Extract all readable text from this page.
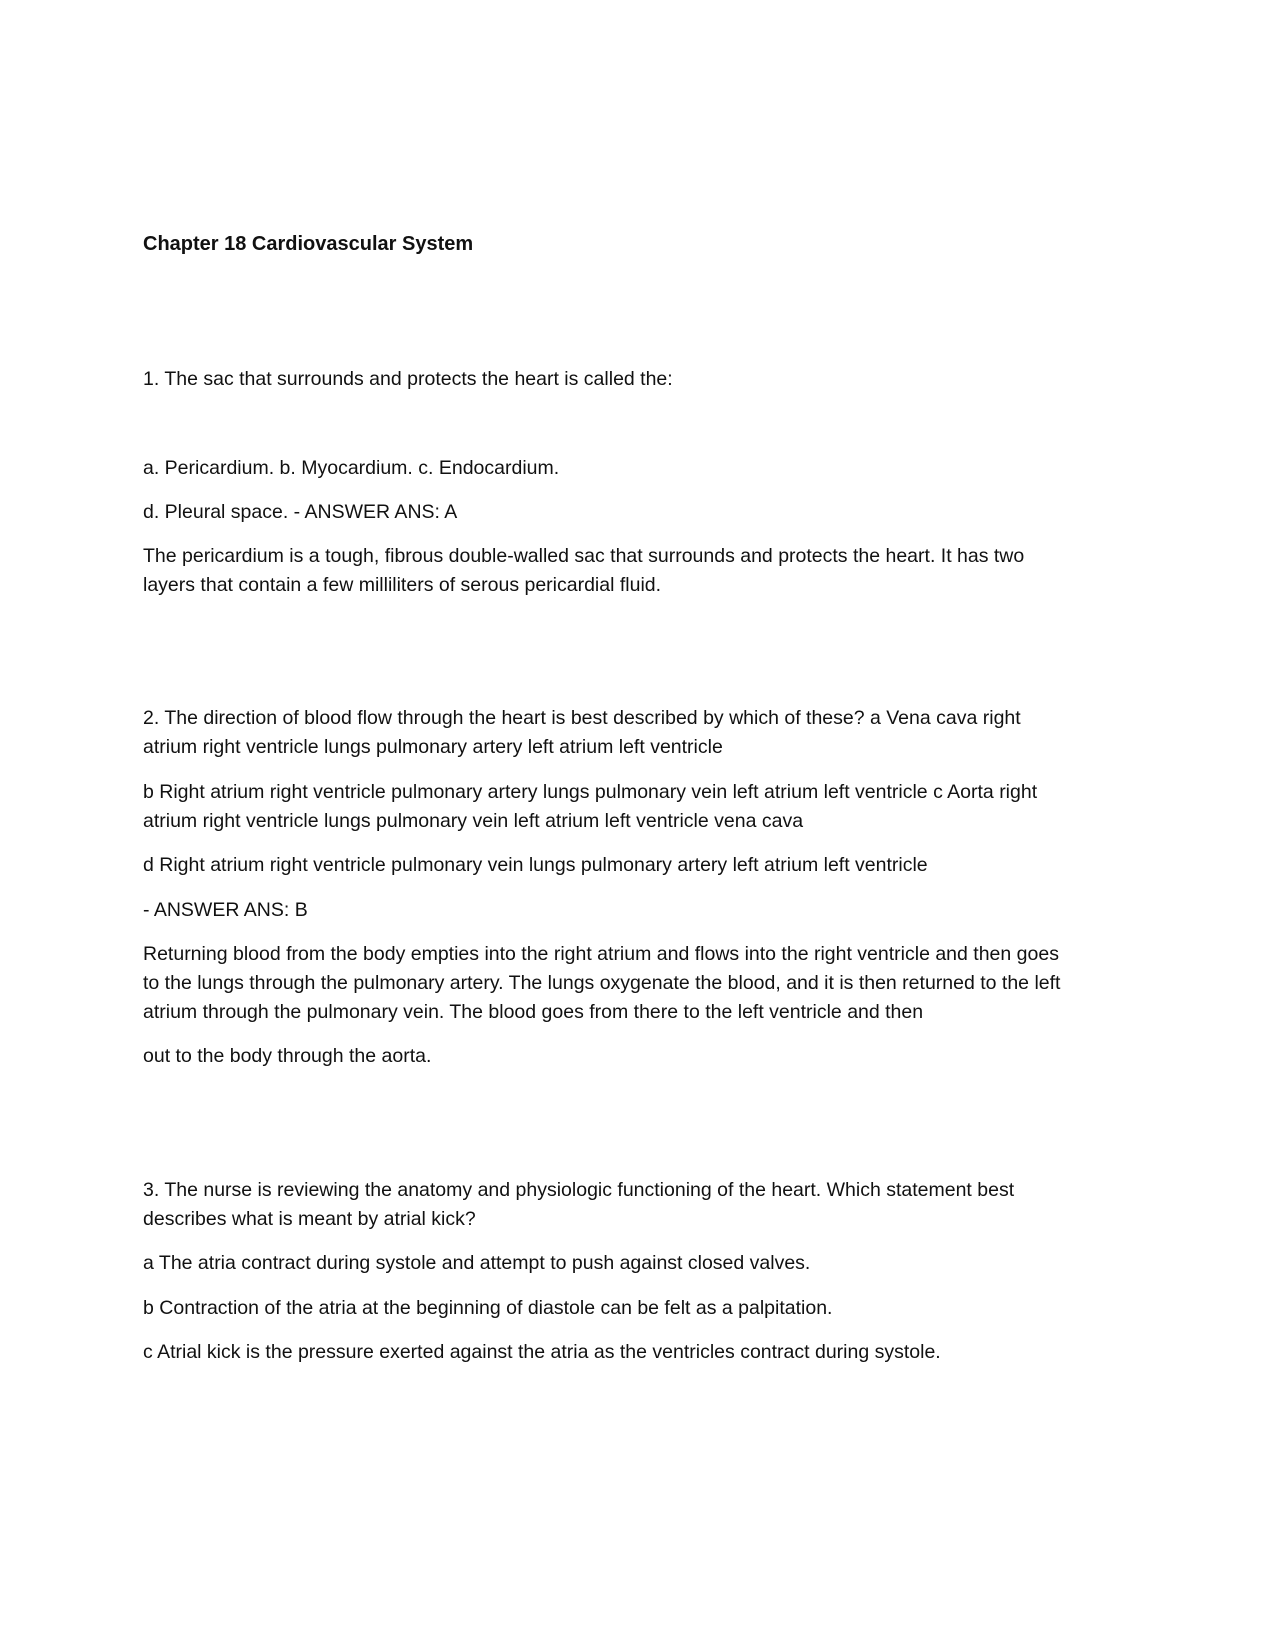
Chapter 18 Cardiovascular System

1. The sac that surrounds and protects the heart is called the:

a. Pericardium. b. Myocardium. c. Endocardium.

d. Pleural space. - ANSWER ANS: A

The pericardium is a tough, fibrous double-walled sac that surrounds and protects the heart. It has two layers that contain a few milliliters of serous pericardial fluid.

2. The direction of blood flow through the heart is best described by which of these? a Vena cava right atrium right ventricle lungs pulmonary artery left atrium left ventricle

b Right atrium right ventricle pulmonary artery lungs pulmonary vein left atrium left ventricle c Aorta right atrium right ventricle lungs pulmonary vein left atrium left ventricle vena cava

d Right atrium right ventricle pulmonary vein lungs pulmonary artery left atrium left ventricle

- ANSWER ANS: B

Returning blood from the body empties into the right atrium and flows into the right ventricle and then goes to the lungs through the pulmonary artery. The lungs oxygenate the blood, and it is then returned to the left atrium through the pulmonary vein. The blood goes from there to the left ventricle and then

out to the body through the aorta.

3. The nurse is reviewing the anatomy and physiologic functioning of the heart. Which statement best describes what is meant by atrial kick?

a The atria contract during systole and attempt to push against closed valves.

b Contraction of the atria at the beginning of diastole can be felt as a palpitation.

c Atrial kick is the pressure exerted against the atria as the ventricles contract during systole.
